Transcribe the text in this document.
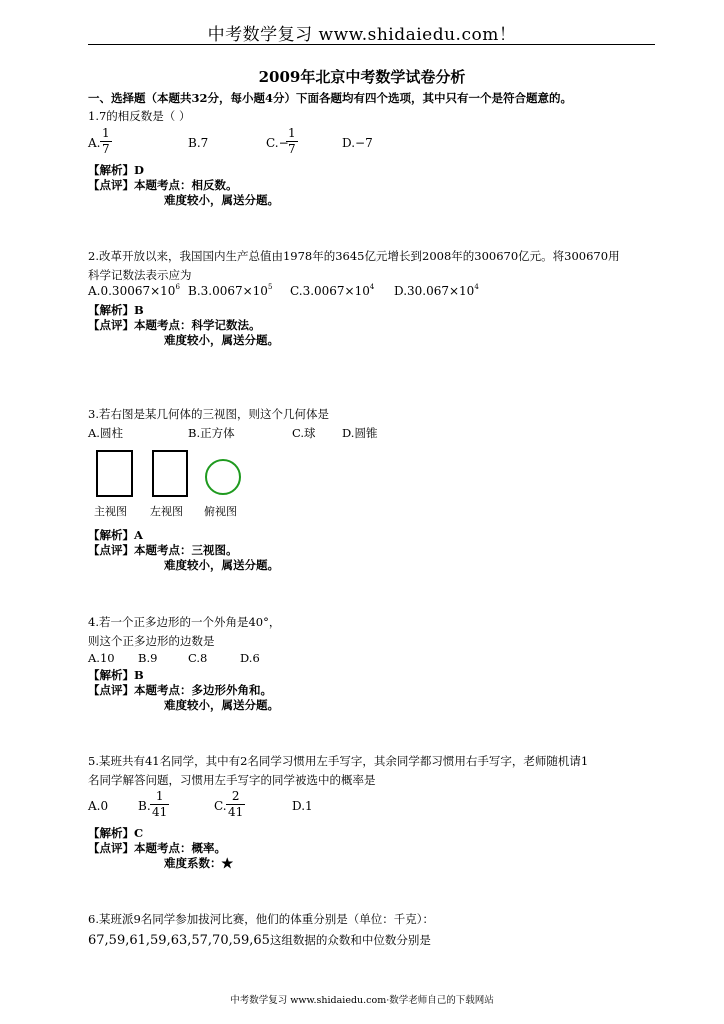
中考数学复习 www.shidaiedu.com！
2009年北京中考数学试卷分析
一、选择题（本题共32分，每小题4分）下面各题均有四个选项，其中只有一个是符合题意的。
1.7的相反数是（ ）
A.
1
7	B.7	C.−
1
7	D.−7
【解析】D
【点评】本题考点：相反数。
难度较小，属送分题。
2.改革开放以来，我国国内生产总值由1978年的3645亿元增长到2008年的300670亿元。将300670用
科学记数法表示应为
$A.0.30067\times 10^6$ $B.3.0067\times 10^5$ $C.3.0067\times 10^4$ $D.30.067\times 10^4$
【解析】B
【点评】本题考点：科学记数法。
难度较小，属送分题。
3.若右图是某几何体的三视图，则这个几何体是
A.圆柱	B.正方体	C.球 D.圆锥
主视图 左视图 俯视图
【解析】A
【点评】本题考点：三视图。
难度较小，属送分题。
4.若一个正多边形的一个外角是40°，
则这个正多边形的边数是
A.10 B.9	C.8	D.6
【解析】B
【点评】本题考点：多边形外角和。
难度较小，属送分题。
5.某班共有41名同学，其中有2名同学习惯用左手写字，其余同学都习惯用右手写字，老师随机请1
名同学解答问题，习惯用左手写字的同学被选中的概率是
A.0 B.
1
41	C.
2
41	D.1
【解析】C
【点评】本题考点：概率。
难度系数：★
6.某班派9名同学参加拔河比赛，他们的体重分别是（单位：千克）：
67,59,61,59,63,57,70,59,65这组数据的众数和中位数分别是
中考数学复习 www.shidaiedu.com·数学老师自己的下载网站
